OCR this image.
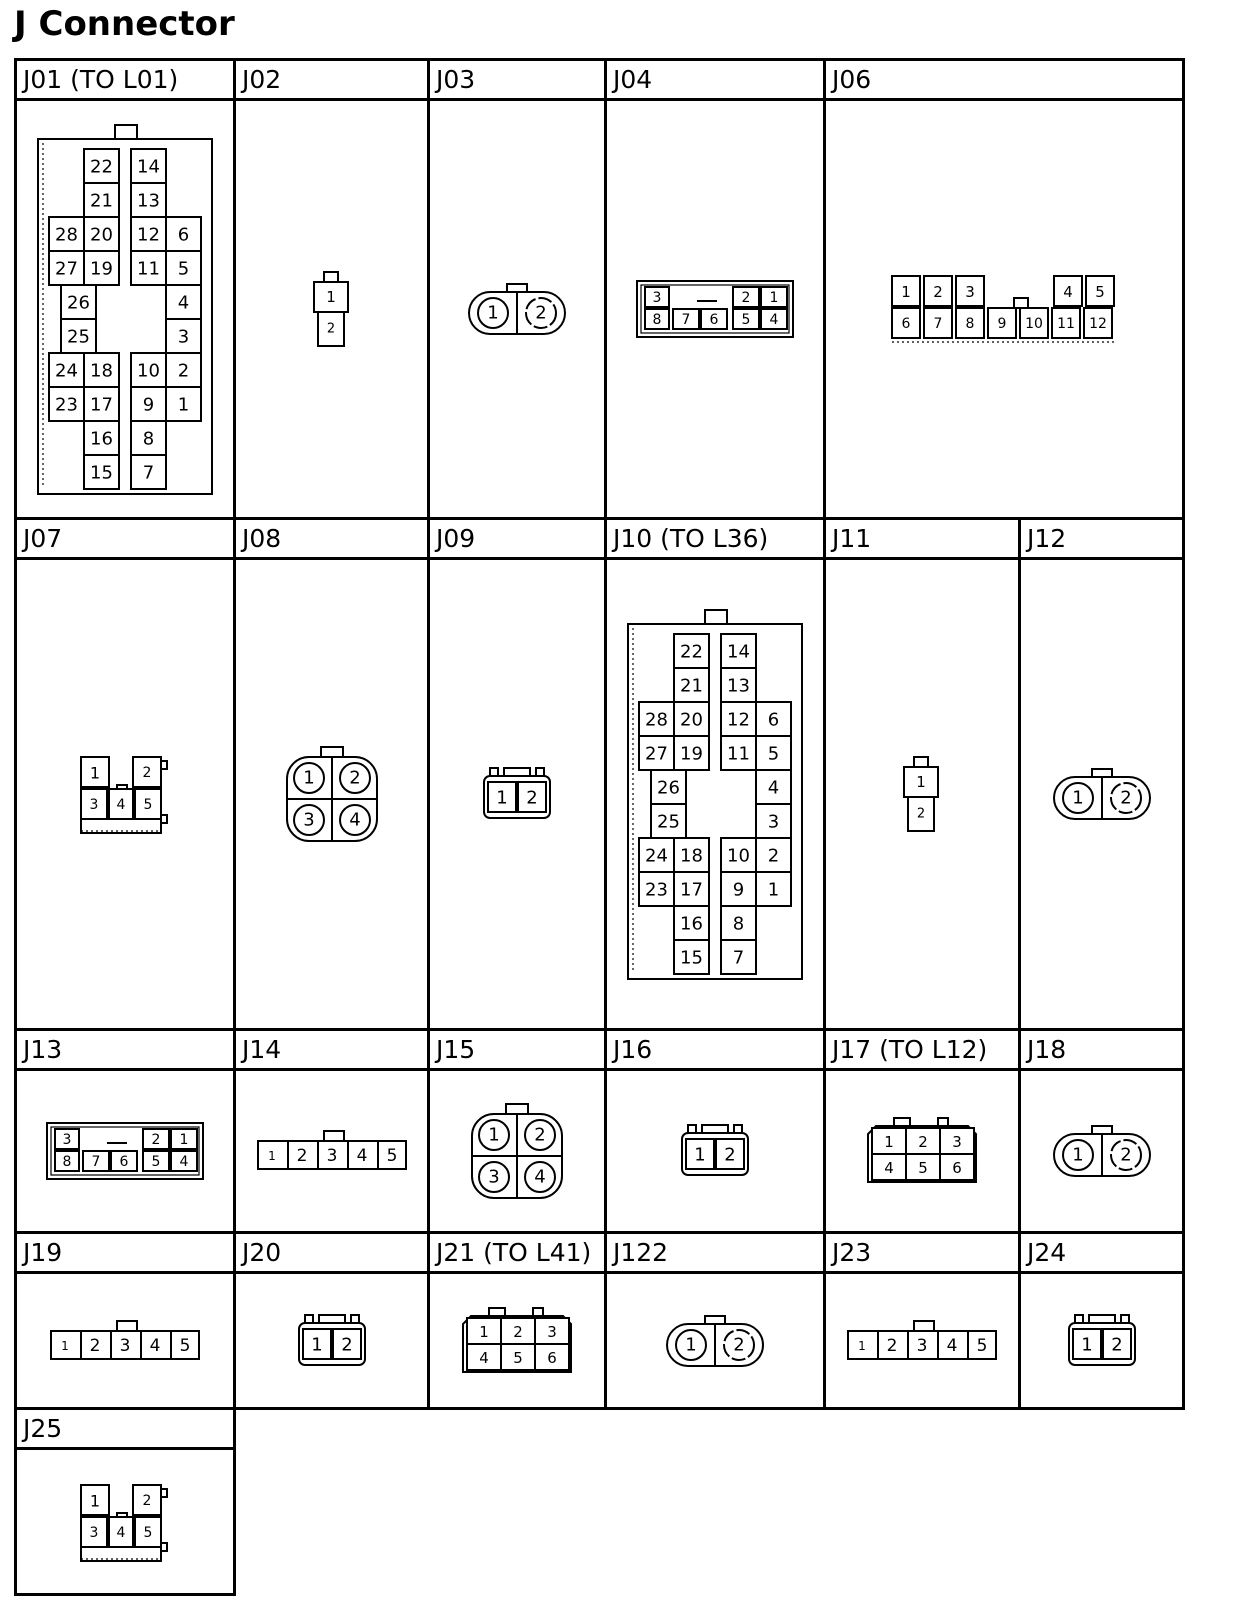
J Connector
J01 (TO L01)
22 14
21 13
28 20 12 6
27 19 11 5
26	4
25	3
24 18 10 2
23 17 9 1
16 8
15 7
J02
1
2
J03
1 2
J04
3	2 1
8 7 6 5 4
J06
1 2 3	4 5
6 7 8 9 10 11 12
J07
1	2
3 4 5
J08
1 2
3 4
J09
1 2
J10 (TO L36)
22 14
21 13
28 20 12 6
27 19 11 5
26	4
25	3
24 18 10 2
23 17 9 1
16 8
15 7
J11
1
2
J12
1 2
J13
3	2 1
8 7 6 5 4
J14
1 2 3 4 5
J15
1 2
3 4
J16
1 2
J17 (TO L12)
1 2 3
4 5 6
J18
1 2
J19
1 2 3 4 5
J20
1 2
J21 (TO L41)
1 2 3
4 5 6
J122
1 2
J23
1 2 3 4 5
J24
1 2
J25
1	2
3 4 5
